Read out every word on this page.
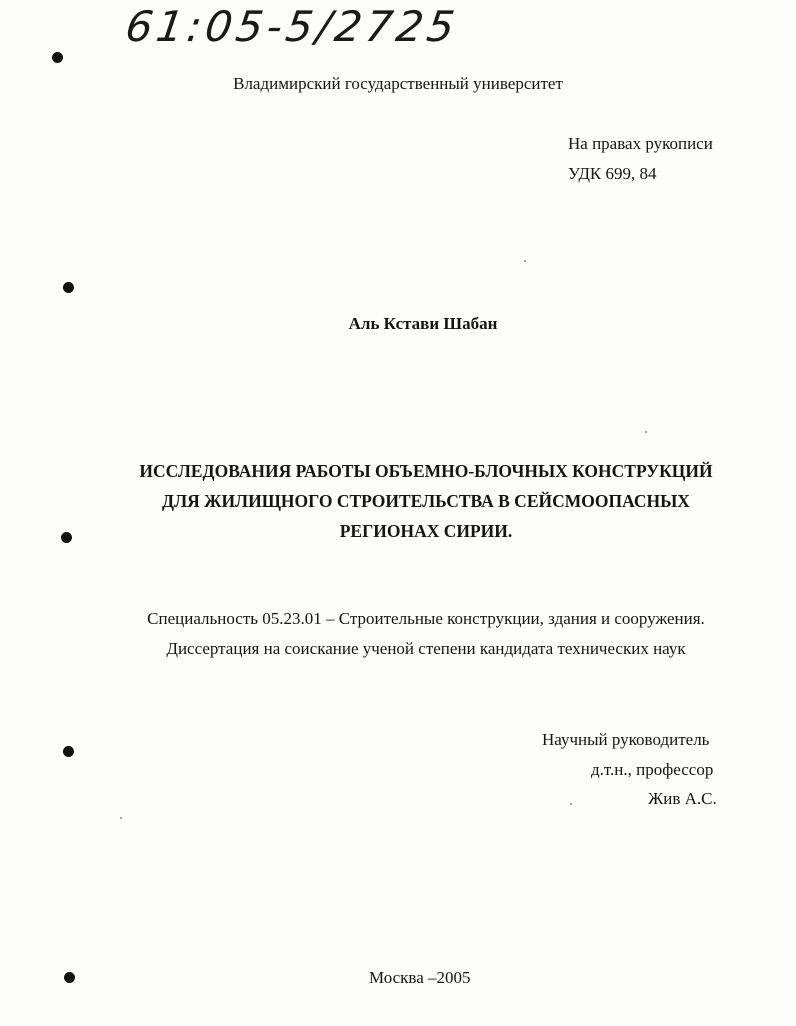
61:05-5/2725
Владимирский государственный университет
На правах рукописи
УДК 699, 84
Аль Кстави Шабан
ИССЛЕДОВАНИЯ РАБОТЫ ОБЪЕМНО-БЛОЧНЫХ КОНСТРУКЦИЙ
ДЛЯ ЖИЛИЩНОГО СТРОИТЕЛЬСТВА В СЕЙСМООПАСНЫХ
РЕГИОНАХ СИРИИ.
Специальность 05.23.01 – Строительные конструкции, здания и сооружения.
Диссертация на соискание ученой степени кандидата технических наук
Научный руководитель
д.т.н., профессор
Жив А.С.
Москва –2005
